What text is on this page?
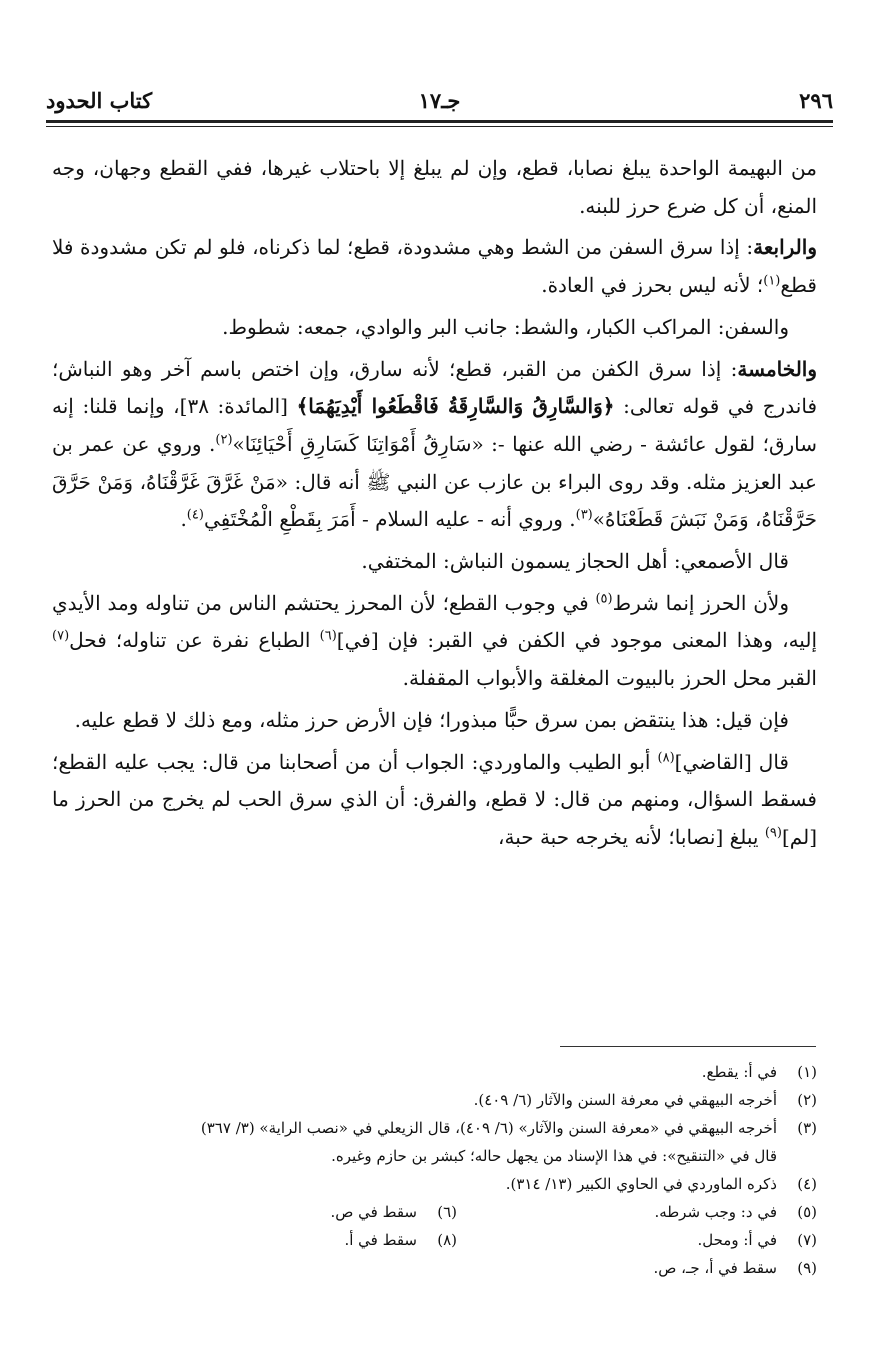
٢٩٦
جـ١٧
كتاب الحدود

من البهيمة الواحدة يبلغ نصابا، قطع، وإن لم يبلغ إلا باحتلاب غيرها، ففي القطع وجهان، وجه المنع، أن كل ضرع حرز للبنه.

والرابعة: إذا سرق السفن من الشط وهي مشدودة، قطع؛ لما ذكرناه، فلو لم تكن مشدودة فلا قطع$^{(١)}$؛ لأنه ليس بحرز في العادة.

والسفن: المراكب الكبار، والشط: جانب البر والوادي، جمعه: شطوط.

والخامسة: إذا سرق الكفن من القبر، قطع؛ لأنه سارق، وإن اختص باسم آخر وهو النباش؛ فاندرج في قوله تعالى: ﴿وَالسَّارِقُ وَالسَّارِقَةُ فَاقْطَعُوا أَيْدِيَهُمَا﴾ [المائدة: ٣٨]، وإنما قلنا: إنه سارق؛ لقول عائشة - رضي الله عنها -: «سَارِقُ أَمْوَاتِنَا كَسَارِقِ أَحْيَائِنَا»$^{(٢)}$. وروي عن عمر بن عبد العزيز مثله. وقد روى البراء بن عازب عن النبي ﷺ أنه قال: «مَنْ غَرَّقَ غَرَّقْنَاهُ، وَمَنْ حَرَّقَ حَرَّقْنَاهُ، وَمَنْ نَبَشَ قَطَعْنَاهُ»$^{(٣)}$. وروي أنه - عليه السلام - أَمَرَ بِقَطْعِ الْمُخْتَفِي$^{(٤)}$.

قال الأصمعي: أهل الحجاز يسمون النباش: المختفي.

ولأن الحرز إنما شرط$^{(٥)}$ في وجوب القطع؛ لأن المحرز يحتشم الناس من تناوله ومد الأيدي إليه، وهذا المعنى موجود في الكفن في القبر: فإن [في]$^{(٦)}$ الطباع نفرة عن تناوله؛ فحل$^{(٧)}$ القبر محل الحرز بالبيوت المغلقة والأبواب المقفلة.

فإن قيل: هذا ينتقض بمن سرق حبًّا مبذورا؛ فإن الأرض حرز مثله، ومع ذلك لا قطع عليه.

قال [القاضي]$^{(٨)}$ أبو الطيب والماوردي: الجواب أن من أصحابنا من قال: يجب عليه القطع؛ فسقط السؤال، ومنهم من قال: لا قطع، والفرق: أن الذي سرق الحب لم يخرج من الحرز ما [لم]$^{(٩)}$ يبلغ [نصابا؛ لأنه يخرجه حبة حبة،

(١)
في أ: يقطع.
(٢)
أخرجه البيهقي في معرفة السنن والآثار (٦/ ٤٠٩).
(٣)
أخرجه البيهقي في «معرفة السنن والآثار» (٦/ ٤٠٩)، قال الزيعلي في «نصب الراية» (٣/ ٣٦٧)
قال في «التنقيح»: في هذا الإسناد من يجهل حاله؛ كبشر بن حازم وغيره.
(٤)
ذكره الماوردي في الحاوي الكبير (١٣/ ٣١٤).
(٥)
في د: وجب شرطه.
(٦)
سقط في ص.
(٧)
في أ: ومحل.
(٨)
سقط في أ.
(٩)
سقط في أ، جـ، ص.
